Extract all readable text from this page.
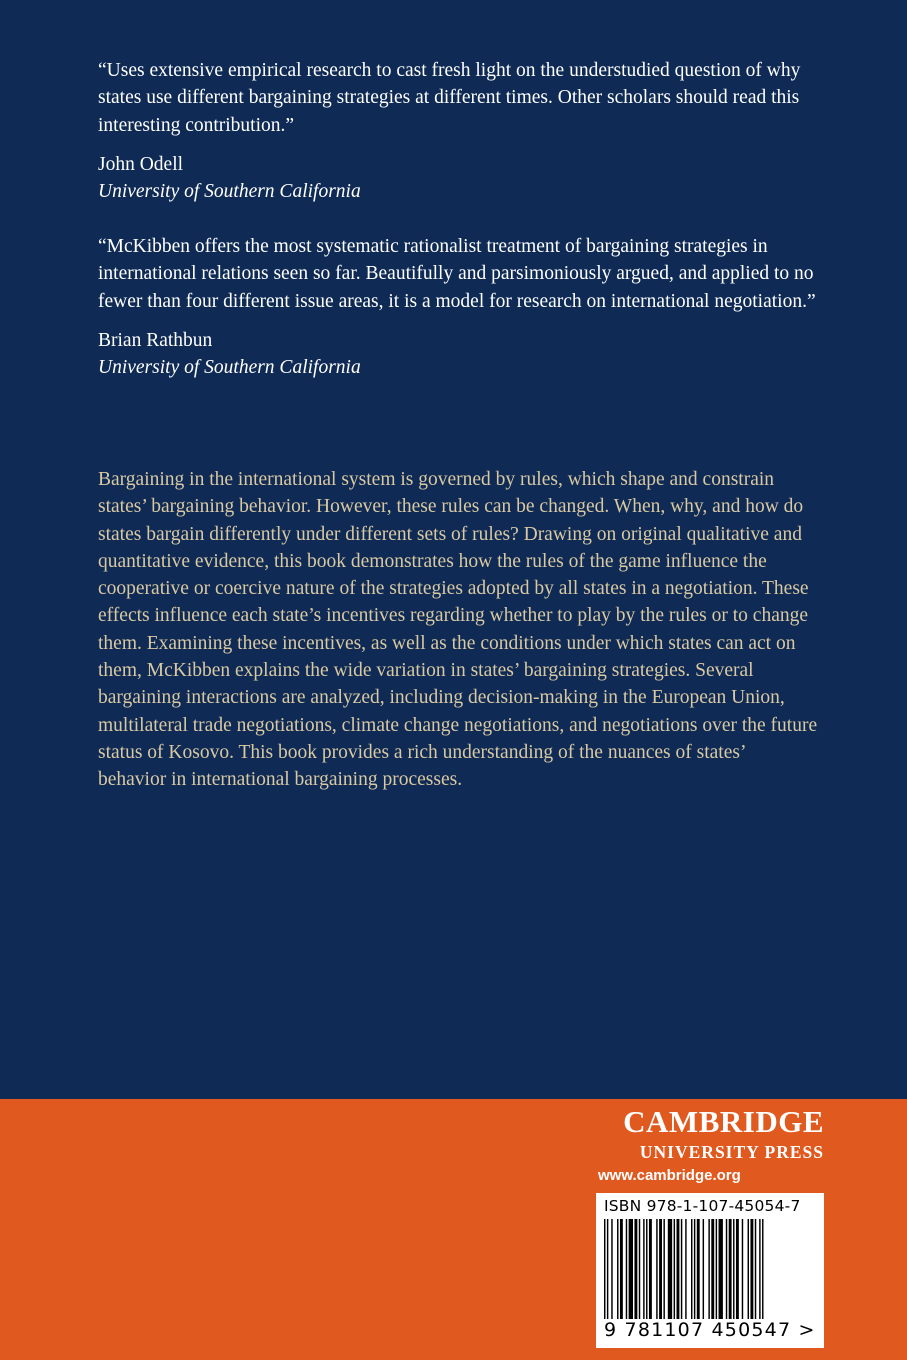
“Uses extensive empirical research to cast fresh light on the understudied question of why states use different bargaining strategies at different times. Other scholars should read this interesting contribution.”

John Odell

University of Southern California

“McKibben offers the most systematic rationalist treatment of bargaining strategies in international relations seen so far. Beautifully and parsimoniously argued, and applied to no fewer than four different issue areas, it is a model for research on international negotiation.”

Brian Rathbun

University of Southern California

Bargaining in the international system is governed by rules, which shape and constrain states’ bargaining behavior. However, these rules can be changed. When, why, and how do states bargain differently under different sets of rules? Drawing on original qualitative and quantitative evidence, this book demonstrates how the rules of the game influence the cooperative or coercive nature of the strategies adopted by all states in a negotiation. These effects influence each state’s incentives regarding whether to play by the rules or to change them. Examining these incentives, as well as the conditions under which states can act on them, McKibben explains the wide variation in states’ bargaining strategies. Several bargaining interactions are analyzed, including decision-making in the European Union, multilateral trade negotiations, climate change negotiations, and negotiations over the future status of Kosovo. This book provides a rich understanding of the nuances of states’ behavior in international bargaining processes.

CAMBRIDGE
UNIVERSITY PRESS
www.cambridge.org
ISBN 978-1-107-45054-7
9 781107 450547 >
